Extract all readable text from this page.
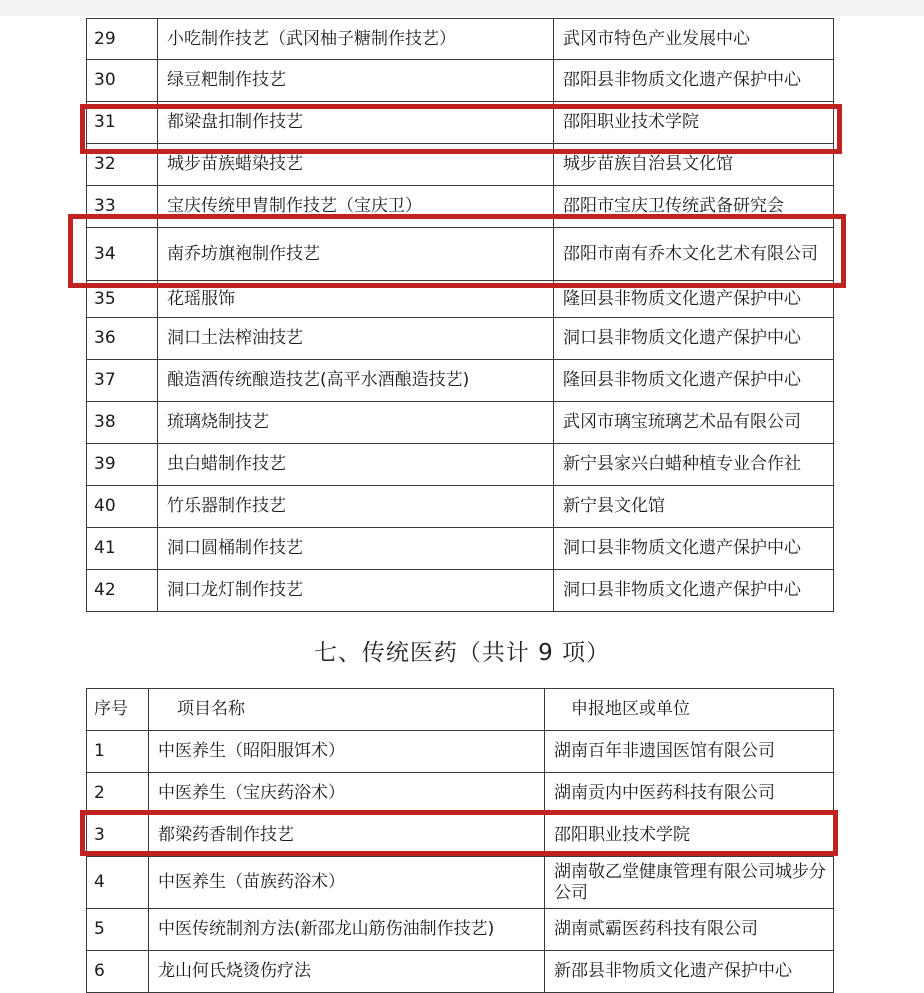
29	小吃制作技艺（武冈柚子糖制作技艺）	武冈市特色产业发展中心
30	绿豆粑制作技艺	邵阳县非物质文化遗产保护中心
31	都梁盘扣制作技艺	邵阳职业技术学院
32	城步苗族蜡染技艺	城步苗族自治县文化馆
33	宝庆传统甲胄制作技艺（宝庆卫）	邵阳市宝庆卫传统武备研究会
34	南乔坊旗袍制作技艺	邵阳市南有乔木文化艺术有限公司
35	花瑶服饰	隆回县非物质文化遗产保护中心
36	洞口土法榨油技艺	洞口县非物质文化遗产保护中心
37	酿造酒传统酿造技艺(高平水酒酿造技艺)	隆回县非物质文化遗产保护中心
38	琉璃烧制技艺	武冈市璃宝琉璃艺术品有限公司
39	虫白蜡制作技艺	新宁县家兴白蜡种植专业合作社
40	竹乐器制作技艺	新宁县文化馆
41	洞口圆桶制作技艺	洞口县非物质文化遗产保护中心
42	洞口龙灯制作技艺	洞口县非物质文化遗产保护中心
七、传统医药（共计 9 项）
序号	项目名称	申报地区或单位
1	中医养生（昭阳服饵术）	湖南百年非遗国医馆有限公司
2	中医养生（宝庆药浴术）	湖南贡内中医药科技有限公司
3	都梁药香制作技艺	邵阳职业技术学院
4	中医养生（苗族药浴术）	湖南敬乙堂健康管理有限公司城步分公司
5	中医传统制剂方法(新邵龙山筋伤油制作技艺)	湖南贰霸医药科技有限公司
6	龙山何氏烧烫伤疗法	新邵县非物质文化遗产保护中心
